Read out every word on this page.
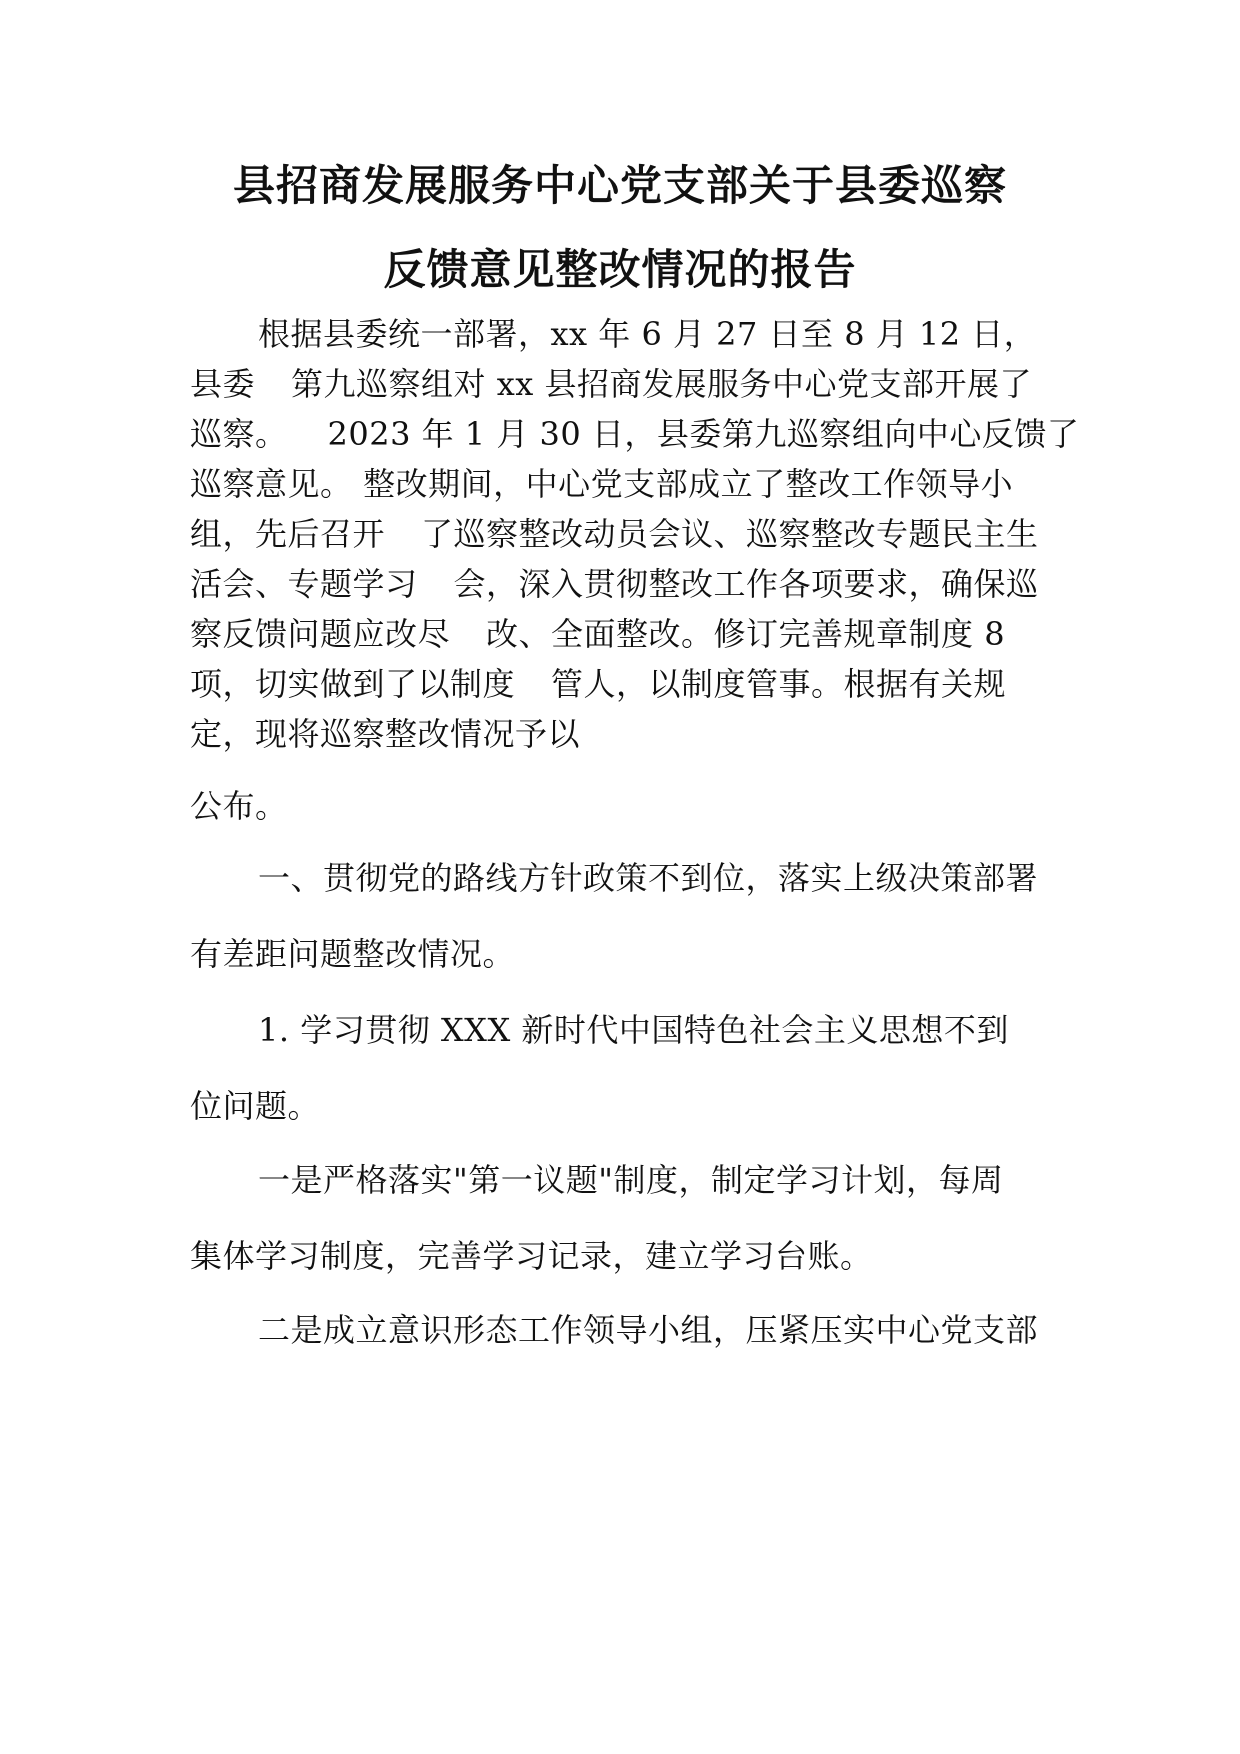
县招商发展服务中心党支部关于县委巡察
反馈意见整改情况的报告
根据县委统一部署，xx 年 6 月 27 日至 8 月 12 日，
县委 第九巡察组对 xx 县招商发展服务中心党支部开展了
巡察。 2023 年 1 月 30 日，县委第九巡察组向中心反馈了
巡察意见。 整改期间，中心党支部成立了整改工作领导小
组，先后召开 了巡察整改动员会议、巡察整改专题民主生
活会、专题学习 会，深入贯彻整改工作各项要求，确保巡
察反馈问题应改尽 改、全面整改。修订完善规章制度 8
项，切实做到了以制度 管人，以制度管事。根据有关规
定，现将巡察整改情况予以
公布。
一、贯彻党的路线方针政策不到位，落实上级决策部署
有差距问题整改情况。
1. 学习贯彻 XXX 新时代中国特色社会主义思想不到
位问题。
一是严格落实"第一议题"制度，制定学习计划，每周
集体学习制度，完善学习记录，建立学习台账。
二是成立意识形态工作领导小组，压紧压实中心党支部
